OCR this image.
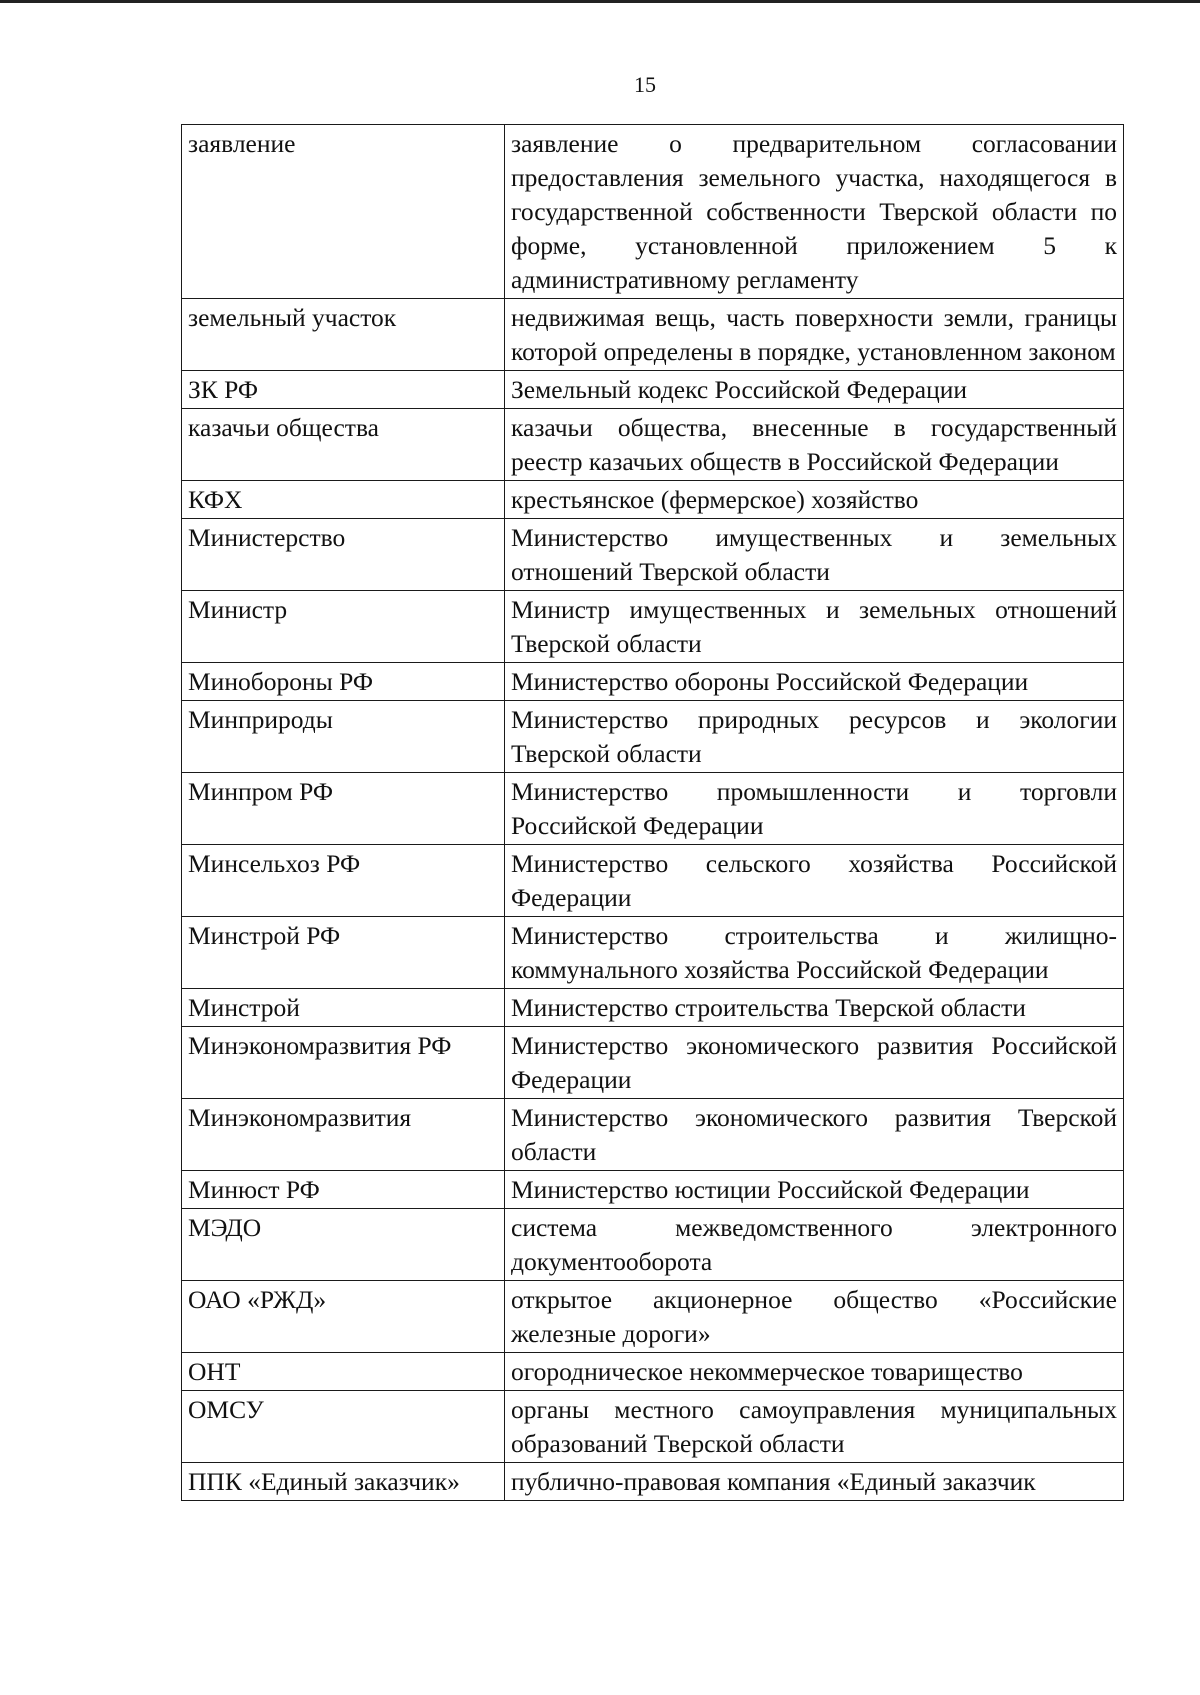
15
заявление	заявление о предварительном согласовании предоставления земельного участка, находящегося в государственной собственности Тверской области по форме, установленной приложением 5 к административному регламенту
земельный участок	недвижимая вещь, часть поверхности земли, границы которой определены в порядке, установленном законом
ЗК РФ	Земельный кодекс Российской Федерации
казачьи общества	казачьи общества, внесенные в государственный реестр казачьих обществ в Российской Федерации
КФХ	крестьянское (фермерское) хозяйство
Министерство	Министерство имущественных и земельных отношений Тверской области
Министр	Министр имущественных и земельных отношений Тверской области
Минобороны РФ	Министерство обороны Российской Федерации
Минприроды	Министерство природных ресурсов и экологии Тверской области
Минпром РФ	Министерство промышленности и торговли Российской Федерации
Минсельхоз РФ	Министерство сельского хозяйства Российской Федерации
Минстрой РФ	Министерство строительства и жилищно-коммунального хозяйства Российской Федерации
Минстрой	Министерство строительства Тверской области
Минэкономразвития РФ	Министерство экономического развития Российской Федерации
Минэкономразвития	Министерство экономического развития Тверской области
Минюст РФ	Министерство юстиции Российской Федерации
МЭДО	система межведомственного электронного документооборота
ОАО «РЖД»	открытое акционерное общество «Российские железные дороги»
ОНТ	огородническое некоммерческое товарищество
ОМСУ	органы местного самоуправления муниципальных образований Тверской области
ППК «Единый заказчик»	публично-правовая компания «Единый заказчик
